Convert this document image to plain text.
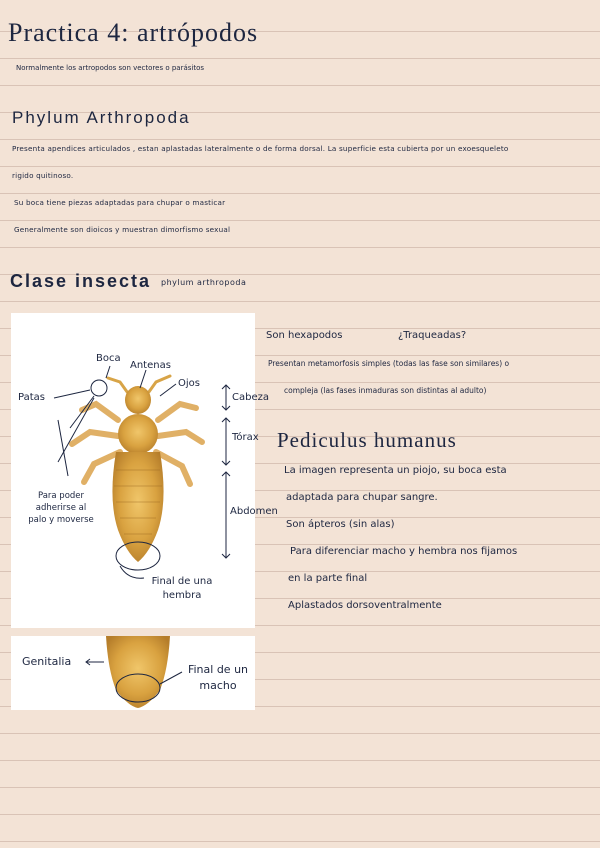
Practica 4: artrópodos
Normalmente los artropodos son vectores o parásitos
Phylum Arthropoda
Presenta apendices articulados , estan aplastadas lateralmente o de forma dorsal. La superficie esta cubierta por un exoesqueleto
rigido quitinoso.
Su boca tiene piezas adaptadas para chupar o masticar
Generalmente son dioicos y muestran dimorfismo sexual
Clase insecta phylum arthropoda
Boca
Antenas
Ojos
Patas
Para poder adherirse al palo y moverse
Cabeza
Tórax
Abdomen
Final de una hembra
Genitalia
Final de un macho
Son hexapodos	¿Traqueadas?
Presentan metamorfosis simples (todas las fase son similares) o
compleja (las fases inmaduras son distintas al adulto)
Pediculus humanus
La imagen representa un piojo, su boca esta
adaptada para chupar sangre.
Son ápteros (sin alas)
Para diferenciar macho y hembra nos fijamos
en la parte final
Aplastados dorsoventralmente
